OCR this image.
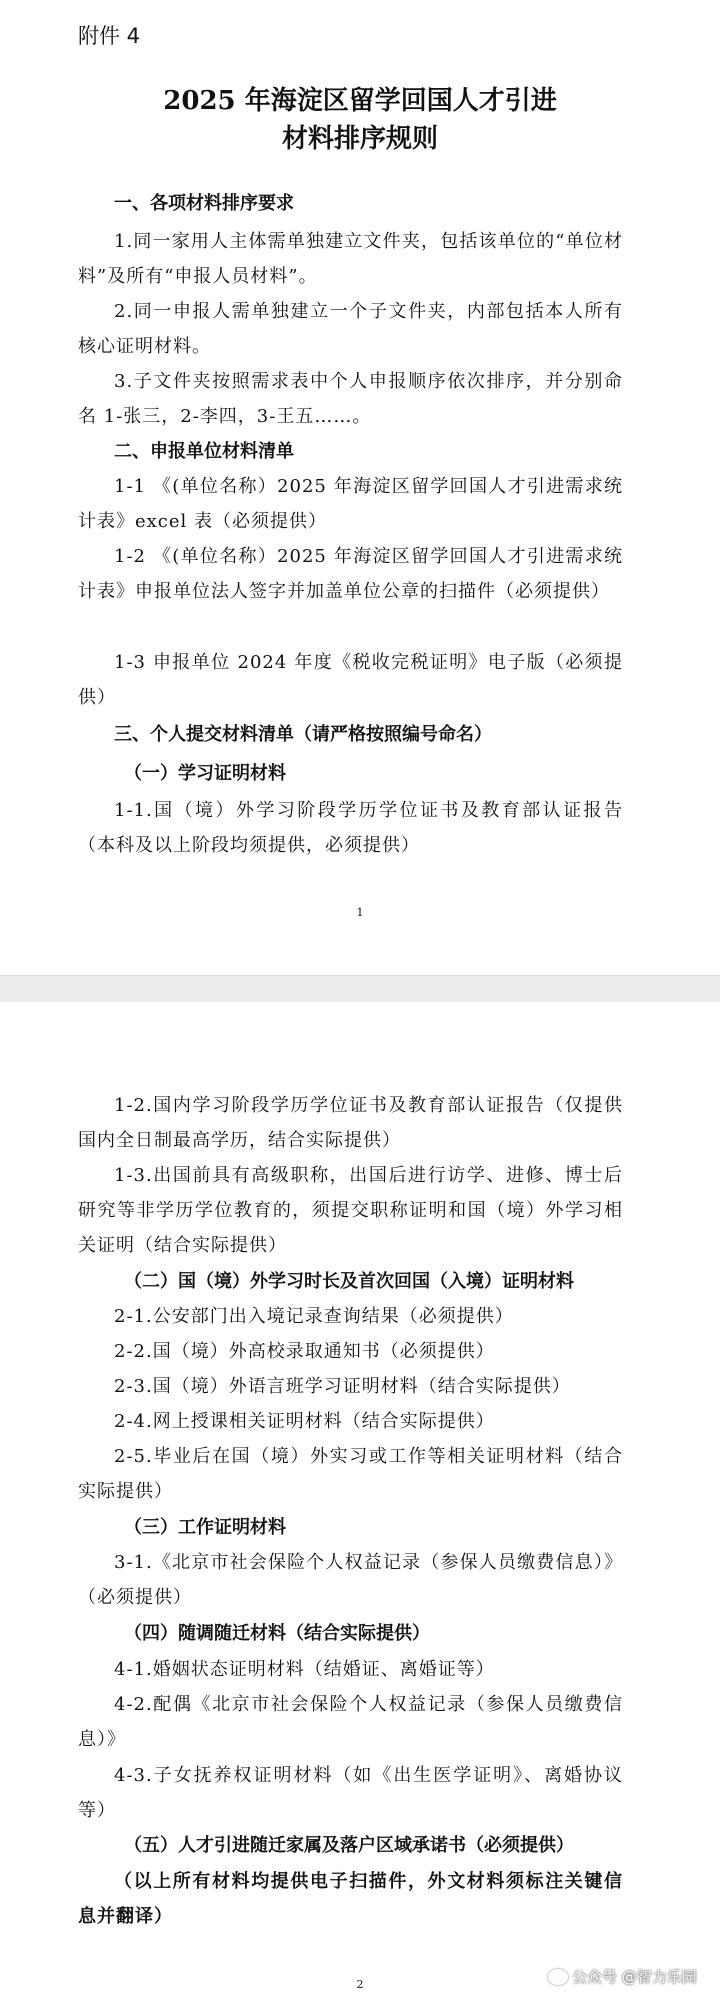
附件 4
2025 年海淀区留学回国人才引进
材料排序规则
一、各项材料排序要求
1.同一家用人主体需单独建立文件夹，包括该单位的“单位材料”及所有“申报人员材料”。
2.同一申报人需单独建立一个子文件夹，内部包括本人所有核心证明材料。
3.子文件夹按照需求表中个人申报顺序依次排序，并分别命名 1-张三，2-李四，3-王五……。
二、申报单位材料清单
1-1 《(单位名称）2025 年海淀区留学回国人才引进需求统计表》excel 表（必须提供）
1-2 《(单位名称）2025 年海淀区留学回国人才引进需求统计表》申报单位法人签字并加盖单位公章的扫描件（必须提供）
1-3 申报单位 2024 年度《税收完税证明》电子版（必须提供）
三、个人提交材料清单（请严格按照编号命名）
（一）学习证明材料
1-1.国（境）外学习阶段学历学位证书及教育部认证报告（本科及以上阶段均须提供，必须提供）
1
1-2.国内学习阶段学历学位证书及教育部认证报告（仅提供国内全日制最高学历，结合实际提供）
1-3.出国前具有高级职称，出国后进行访学、进修、博士后研究等非学历学位教育的，须提交职称证明和国（境）外学习相关证明（结合实际提供）
（二）国（境）外学习时长及首次回国（入境）证明材料
2-1.公安部门出入境记录查询结果（必须提供）
2-2.国（境）外高校录取通知书（必须提供）
2-3.国（境）外语言班学习证明材料（结合实际提供）
2-4.网上授课相关证明材料（结合实际提供）
2-5.毕业后在国（境）外实习或工作等相关证明材料（结合实际提供）
（三）工作证明材料
3-1.《北京市社会保险个人权益记录（参保人员缴费信息）》（必须提供）
（四）随调随迁材料（结合实际提供）
4-1.婚姻状态证明材料（结婚证、离婚证等）
4-2.配偶《北京市社会保险个人权益记录（参保人员缴费信息）》
4-3.子女抚养权证明材料（如《出生医学证明》、离婚协议等）
（五）人才引进随迁家属及落户区域承诺书（必须提供）
（以上所有材料均提供电子扫描件，外文材料须标注关键信息并翻译）
2	公众号 @智力乐园
